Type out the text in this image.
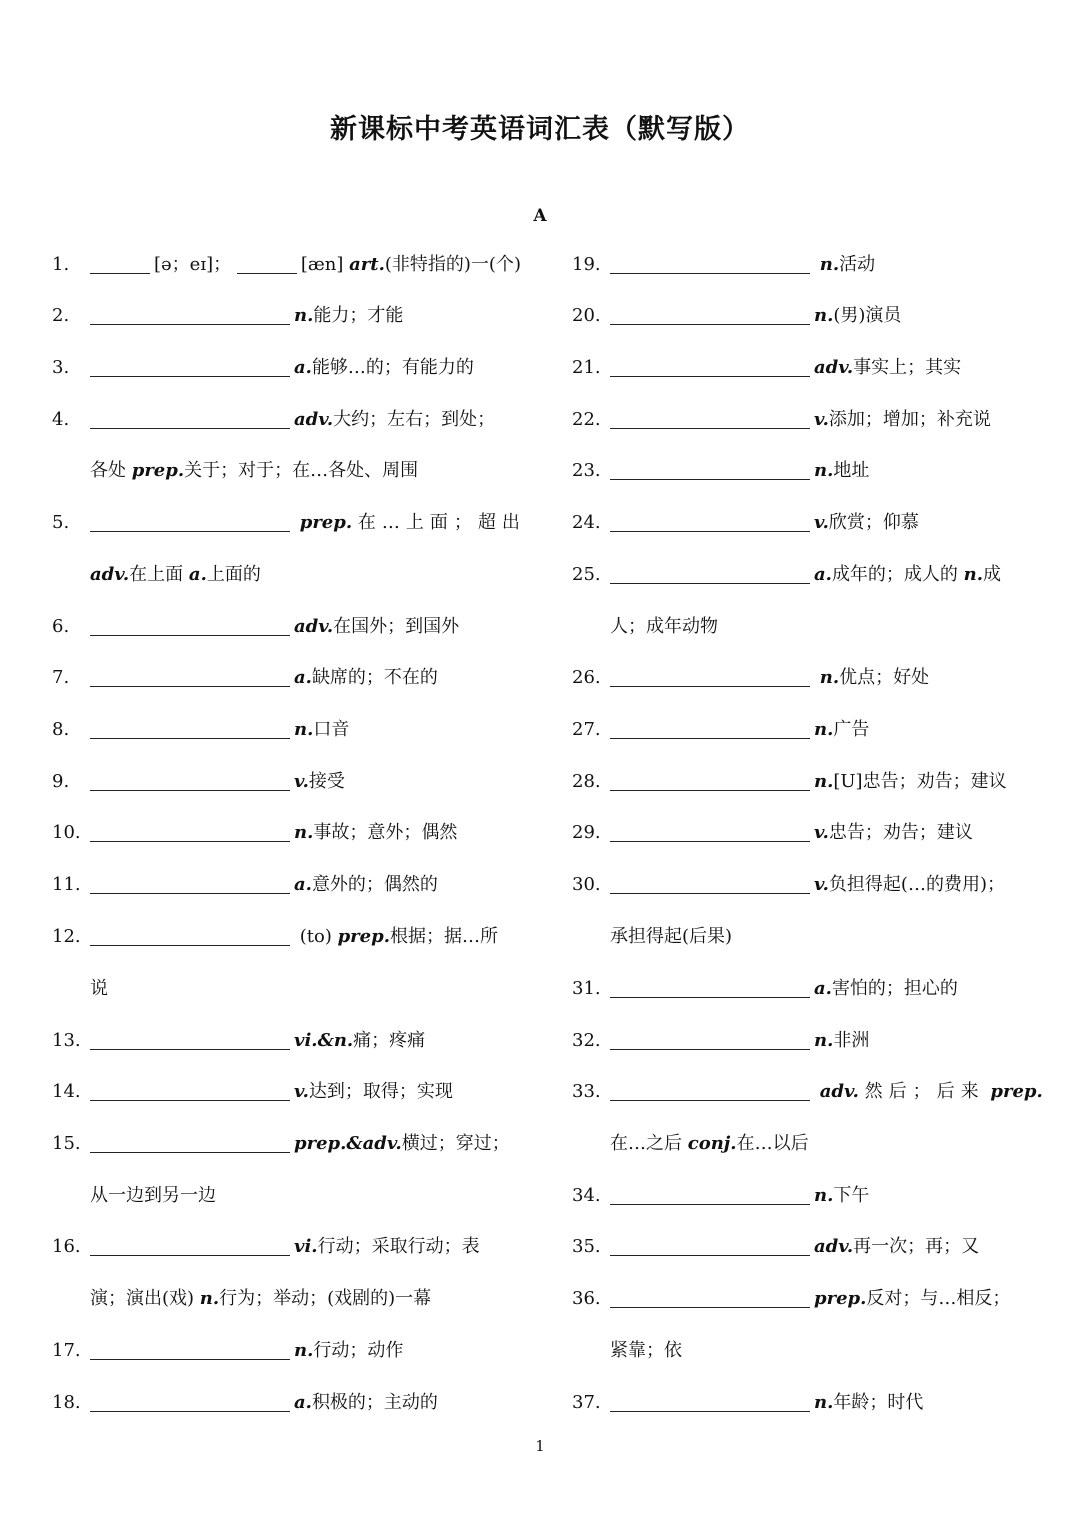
新课标中考英语词汇表（默写版）
A
1.	[ə；eɪ]；	[æn] art.(非特指的)一(个)
2.	n.能力；才能
3.	a.能够…的；有能力的
4.	adv.大约；左右；到处；
各处 prep.关于；对于；在…各处、周围
5.	prep. 在…上面；超出
adv.在上面 a.上面的
6.	adv.在国外；到国外
7.	a.缺席的；不在的
8.	n.口音
9.	v.接受
10.	n.事故；意外；偶然
11.	a.意外的；偶然的
12.	(to) prep.根据；据…所
说
13.	vi.&n.痛；疼痛
14.	v.达到；取得；实现
15.	prep.&adv.横过；穿过；
从一边到另一边
16.	vi.行动；采取行动；表
演；演出(戏) n.行为；举动；(戏剧的)一幕
17.	n.行动；动作
18.	a.积极的；主动的
19.	n.活动
20.	n.(男)演员
21.	adv.事实上；其实
22.	v.添加；增加；补充说
23.	n.地址
24.	v.欣赏；仰慕
25.	a.成年的；成人的 n.成
人；成年动物
26.	n.优点；好处
27.	n.广告
28.	n.[U]忠告；劝告；建议
29.	v.忠告；劝告；建议
30.	v.负担得起(…的费用)；
承担得起(后果)
31.	a.害怕的；担心的
32.	n.非洲
33.	adv. 然后；后来 prep.
在…之后 conj.在…以后
34.	n.下午
35.	adv.再一次；再；又
36.	prep.反对；与…相反；
紧靠；依
37.	n.年龄；时代
1
